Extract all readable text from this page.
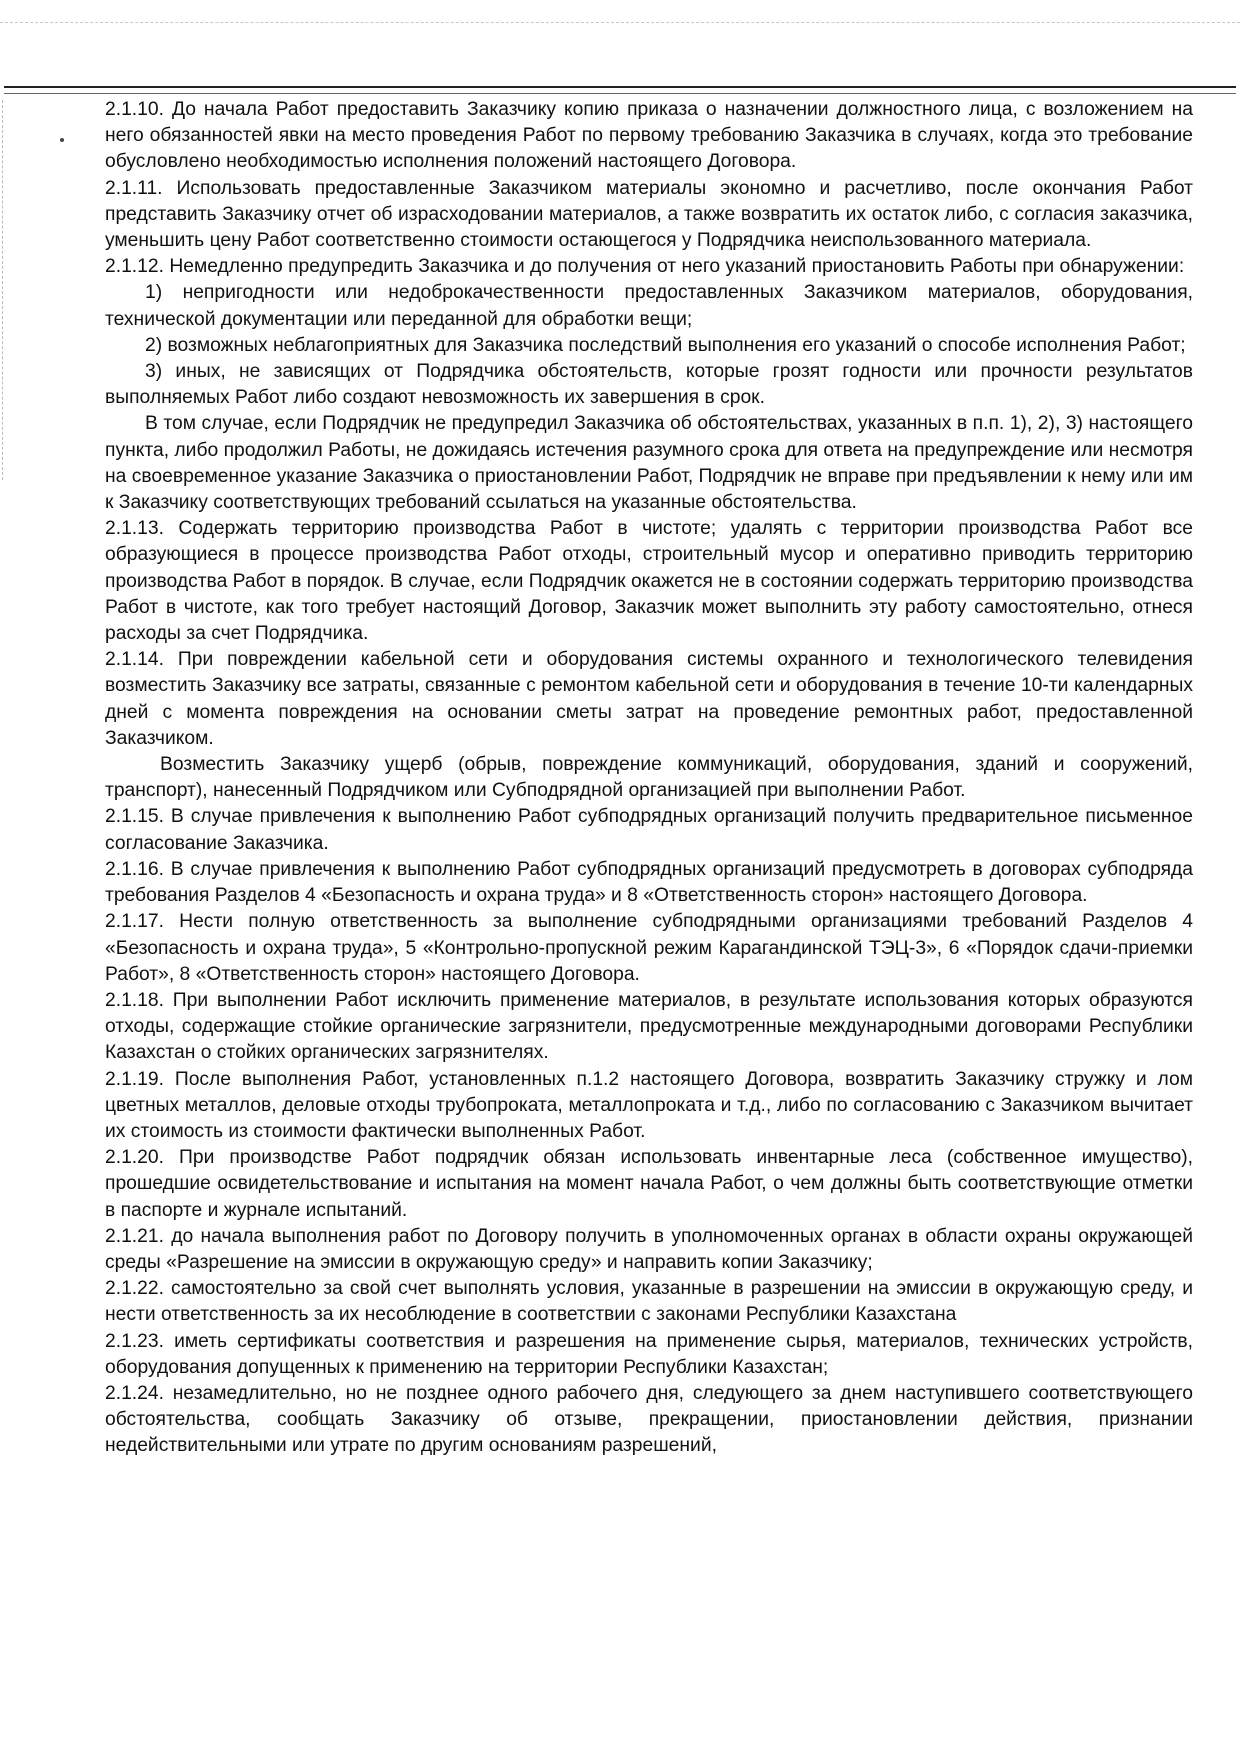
2.1.10. До начала Работ предоставить Заказчику копию приказа о назначении должностного лица, с возложением на него обязанностей явки на место проведения Работ по первому требованию Заказчика в случаях, когда это требование обусловлено необходимостью исполнения положений настоящего Договора.

2.1.11. Использовать предоставленные Заказчиком материалы экономно и расчетливо, после окончания Работ представить Заказчику отчет об израсходовании материалов, а также возвратить их остаток либо, с согласия заказчика, уменьшить цену Работ соответственно стоимости остающегося у Подрядчика неиспользованного материала.

2.1.12. Немедленно предупредить Заказчика и до получения от него указаний приостановить Работы при обнаружении:

1) непригодности или недоброкачественности предоставленных Заказчиком материалов, оборудования, технической документации или переданной для обработки вещи;

2) возможных неблагоприятных для Заказчика последствий выполнения его указаний о способе исполнения Работ;

3) иных, не зависящих от Подрядчика обстоятельств, которые грозят годности или прочности результатов выполняемых Работ либо создают невозможность их завершения в срок.

В том случае, если Подрядчик не предупредил Заказчика об обстоятельствах, указанных в п.п. 1), 2), 3) настоящего пункта, либо продолжил Работы, не дожидаясь истечения разумного срока для ответа на предупреждение или несмотря на своевременное указание Заказчика о приостановлении Работ, Подрядчик не вправе при предъявлении к нему или им к Заказчику соответствующих требований ссылаться на указанные обстоятельства.

2.1.13. Содержать территорию производства Работ в чистоте; удалять с территории производства Работ все образующиеся в процессе производства Работ отходы, строительный мусор и оперативно приводить территорию производства Работ в порядок. В случае, если Подрядчик окажется не в состоянии содержать территорию производства Работ в чистоте, как того требует настоящий Договор, Заказчик может выполнить эту работу самостоятельно, отнеся расходы за счет Подрядчика.

2.1.14. При повреждении кабельной сети и оборудования системы охранного и технологического телевидения возместить Заказчику все затраты, связанные с ремонтом кабельной сети и оборудования в течение 10-ти календарных дней с момента повреждения на основании сметы затрат на проведение ремонтных работ, предоставленной Заказчиком.

Возместить Заказчику ущерб (обрыв, повреждение коммуникаций, оборудования, зданий и сооружений, транспорт), нанесенный Подрядчиком или Субподрядной организацией при выполнении Работ.

2.1.15. В случае привлечения к выполнению Работ субподрядных организаций получить предварительное письменное согласование Заказчика.

2.1.16. В случае привлечения к выполнению Работ субподрядных организаций предусмотреть в договорах субподряда требования Разделов 4 «Безопасность и охрана труда» и 8 «Ответственность сторон» настоящего Договора.

2.1.17. Нести полную ответственность за выполнение субподрядными организациями требований Разделов 4 «Безопасность и охрана труда», 5 «Контрольно-пропускной режим Карагандинской ТЭЦ-3», 6 «Порядок сдачи-приемки Работ», 8 «Ответственность сторон» настоящего Договора.

2.1.18. При выполнении Работ исключить применение материалов, в результате использования которых образуются отходы, содержащие стойкие органические загрязнители, предусмотренные международными договорами Республики Казахстан о стойких органических загрязнителях.

2.1.19. После выполнения Работ, установленных п.1.2 настоящего Договора, возвратить Заказчику стружку и лом цветных металлов, деловые отходы трубопроката, металлопроката и т.д., либо по согласованию с Заказчиком вычитает их стоимость из стоимости фактически выполненных Работ.

2.1.20. При производстве Работ подрядчик обязан использовать инвентарные леса (собственное имущество), прошедшие освидетельствование и испытания на момент начала Работ, о чем должны быть соответствующие отметки в паспорте и журнале испытаний.

2.1.21. до начала выполнения работ по Договору получить в уполномоченных органах в области охраны окружающей среды «Разрешение на эмиссии в окружающую среду» и направить копии Заказчику;

2.1.22. самостоятельно за свой счет выполнять условия, указанные в разрешении на эмиссии в окружающую среду, и нести ответственность за их несоблюдение в соответствии с законами Республики Казахстана

2.1.23. иметь сертификаты соответствия и разрешения на применение сырья, материалов, технических устройств, оборудования допущенных к применению на территории Республики Казахстан;

2.1.24. незамедлительно, но не позднее одного рабочего дня, следующего за днем наступившего соответствующего обстоятельства, сообщать Заказчику об отзыве, прекращении, приостановлении действия, признании недействительными или утрате по другим основаниям разрешений,
